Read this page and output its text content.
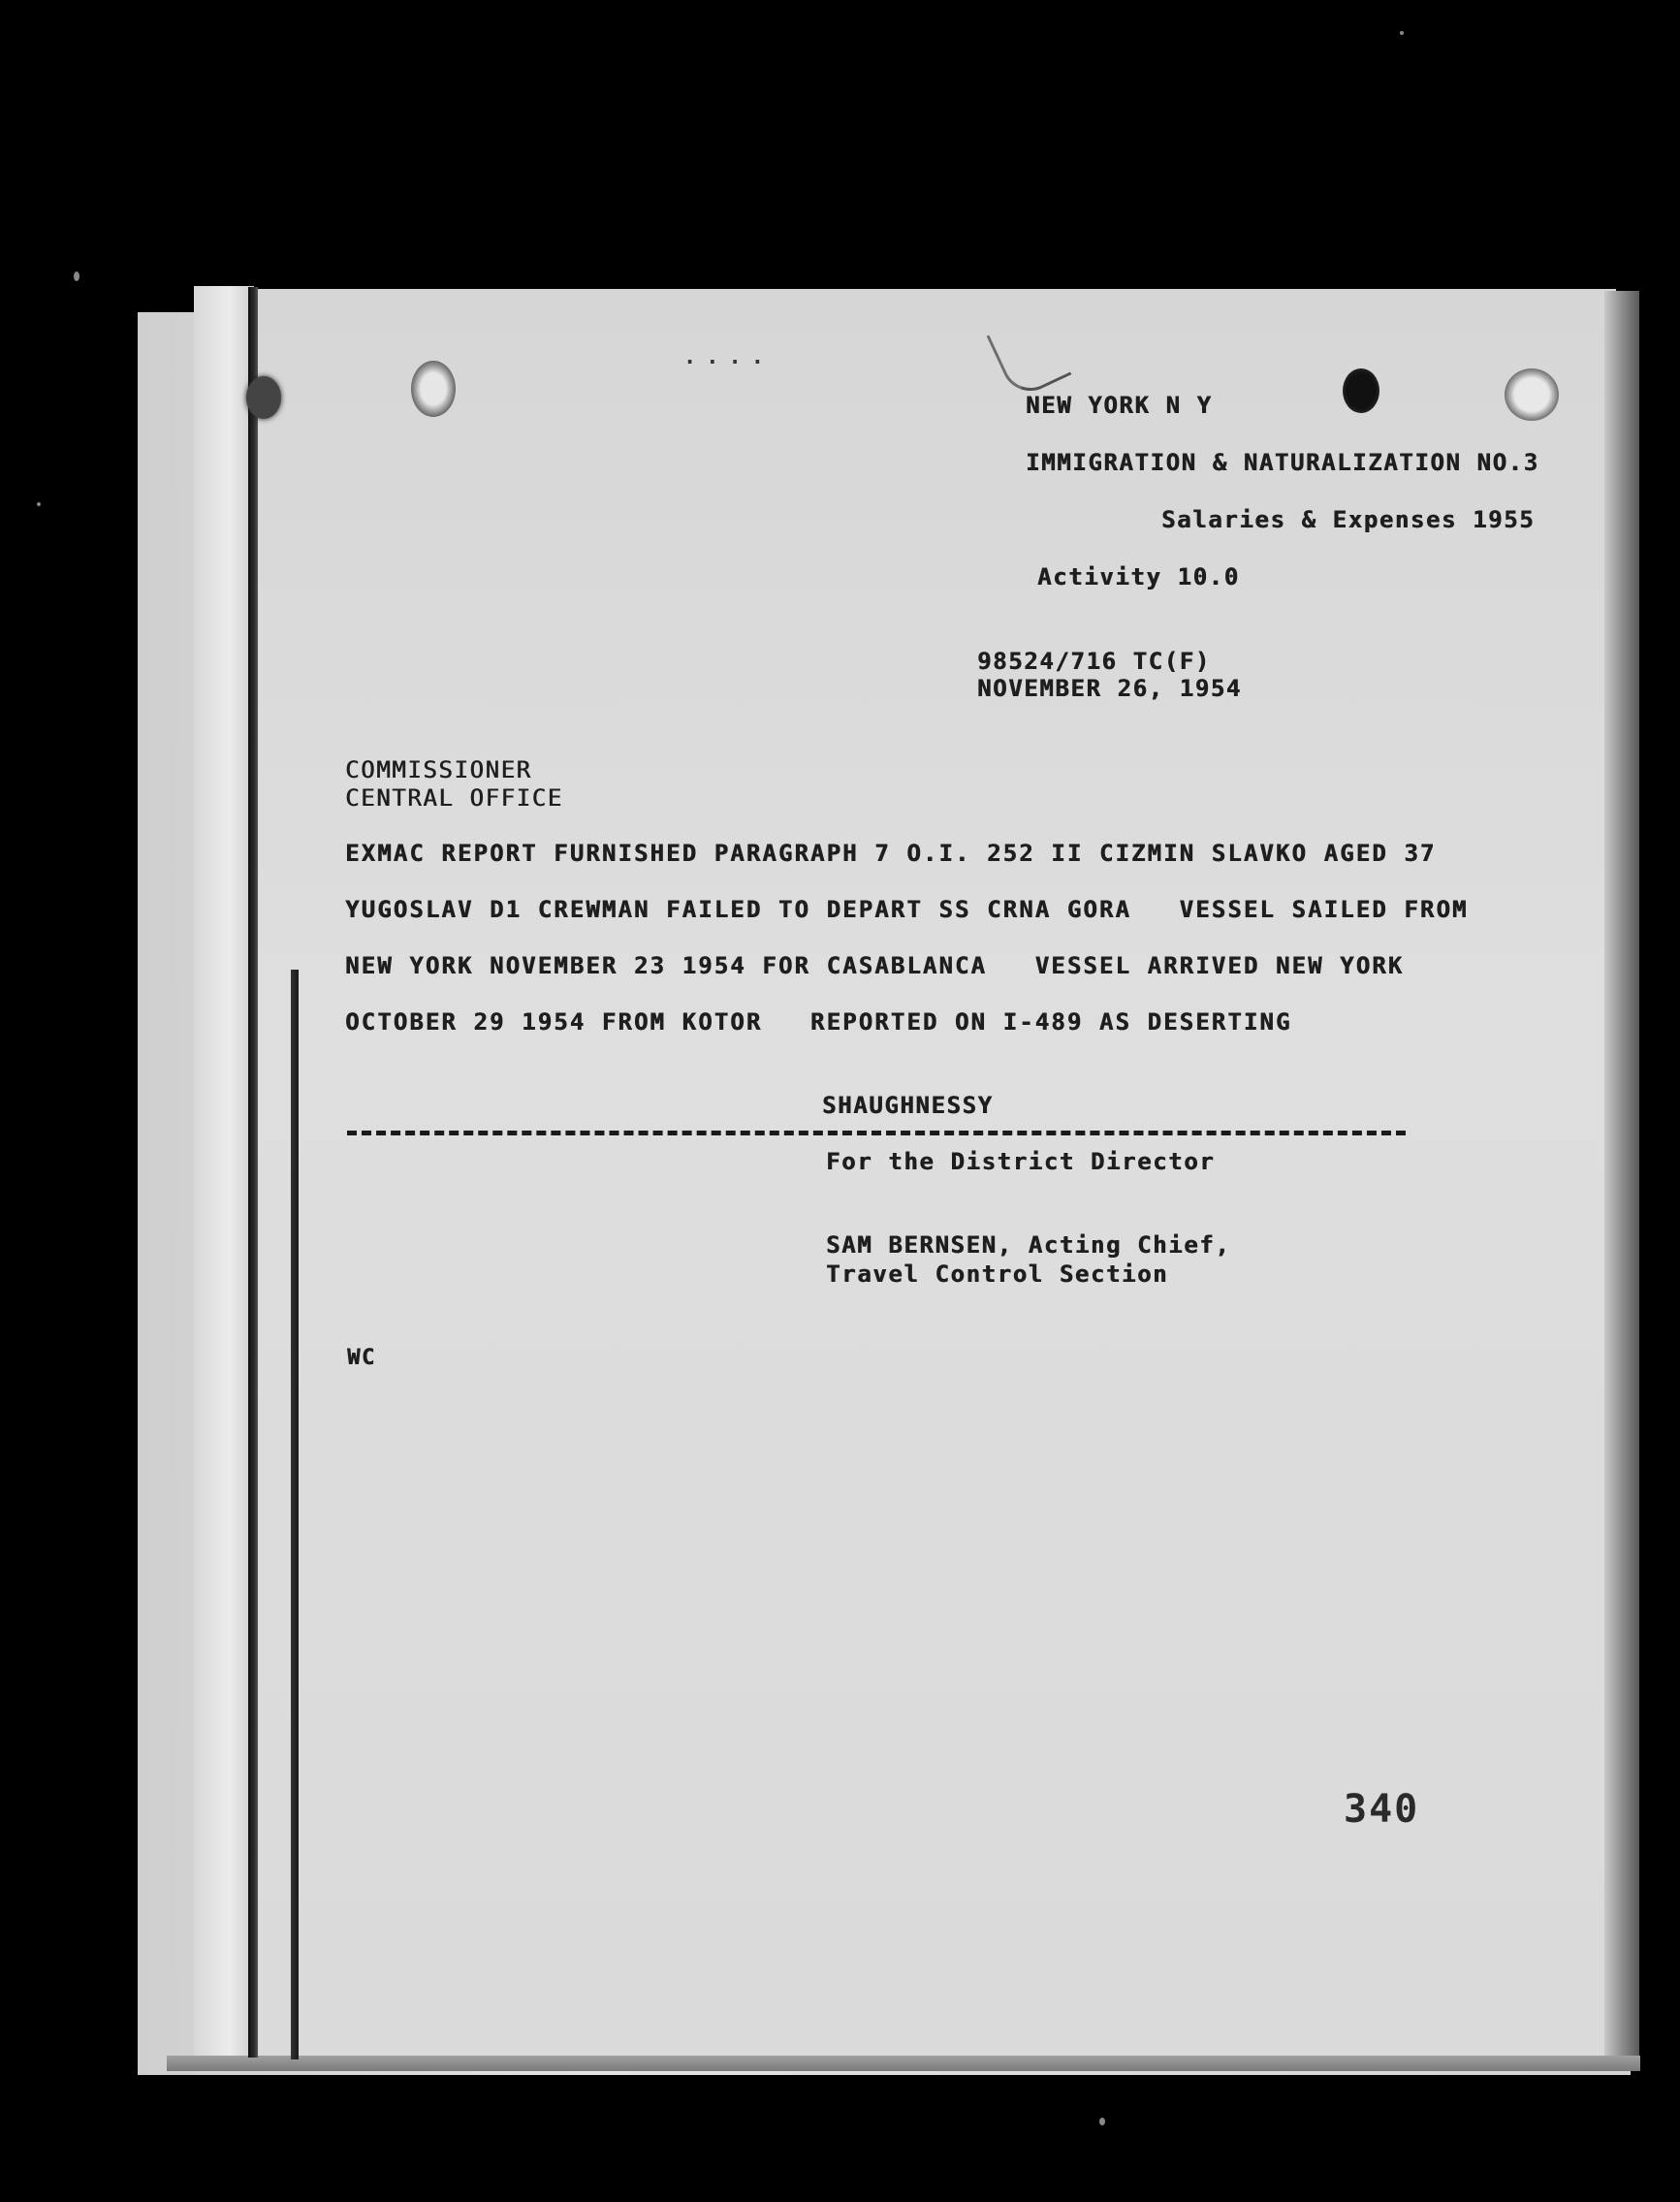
····
NEW YORK N Y
IMMIGRATION & NATURALIZATION NO.3
Salaries & Expenses 1955
Activity 10.0
98524/716 TC(F)
NOVEMBER 26, 1954
COMMISSIONER
CENTRAL OFFICE
EXMAC REPORT FURNISHED PARAGRAPH 7 O.I. 252 II CIZMIN SLAVKO AGED 37
YUGOSLAV D1 CREWMAN FAILED TO DEPART SS CRNA GORA   VESSEL SAILED FROM
NEW YORK NOVEMBER 23 1954 FOR CASABLANCA   VESSEL ARRIVED NEW YORK
OCTOBER 29 1954 FROM KOTOR   REPORTED ON I-489 AS DESERTING
SHAUGHNESSY
For the District Director
SAM BERNSEN, Acting Chief,
Travel Control Section
WC
340
